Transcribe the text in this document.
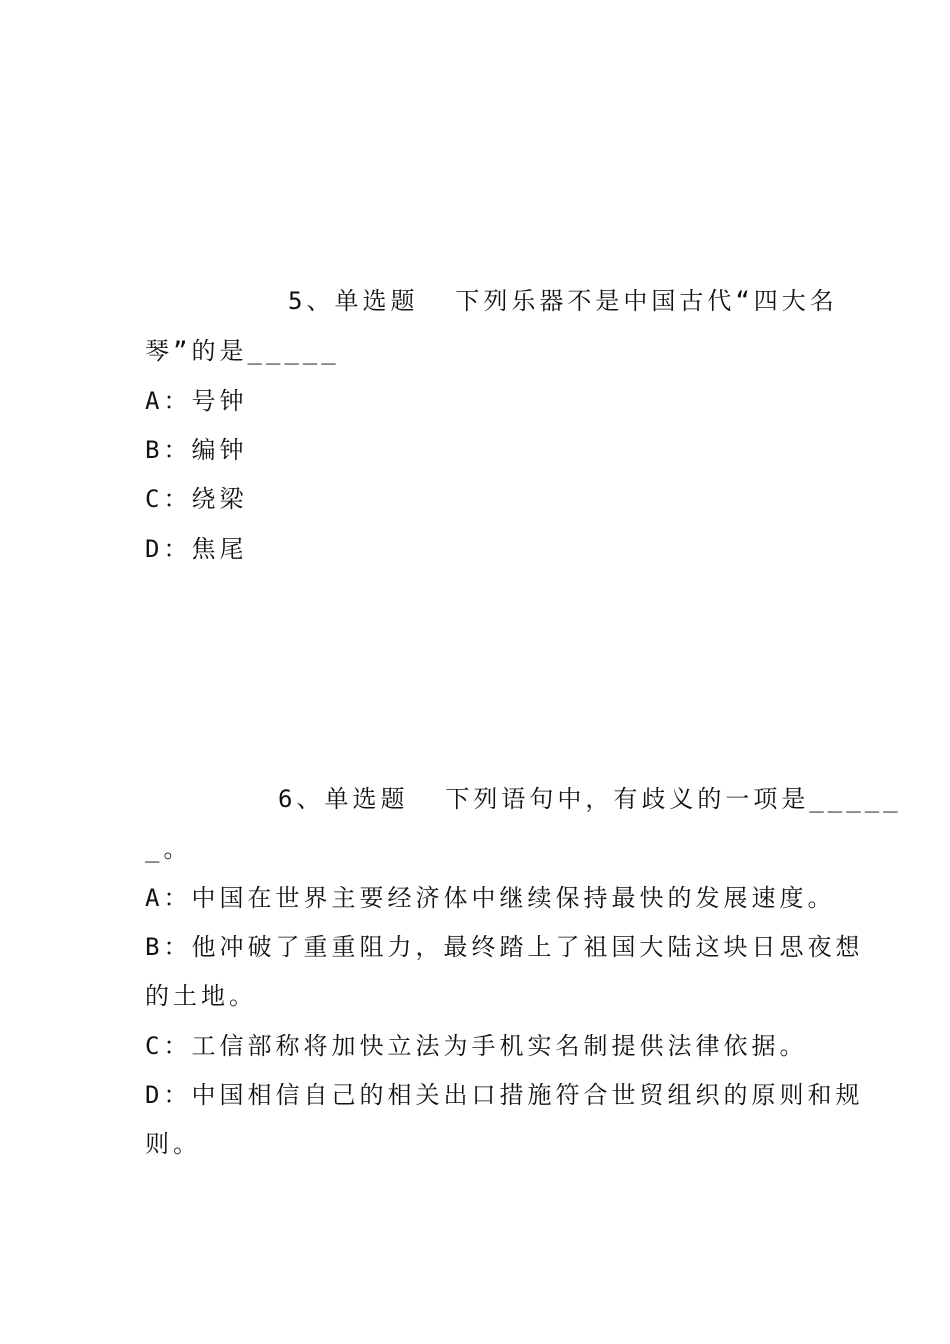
5、单选题  下列乐器不是中国古代“四大名
琴”的是_____
A：号钟
B：编钟
C：绕梁
D：焦尾
6、单选题  下列语句中，有歧义的一项是_____
_。
A：中国在世界主要经济体中继续保持最快的发展速度。
B：他冲破了重重阻力，最终踏上了祖国大陆这块日思夜想
的土地。
C：工信部称将加快立法为手机实名制提供法律依据。
D：中国相信自己的相关出口措施符合世贸组织的原则和规
则。
